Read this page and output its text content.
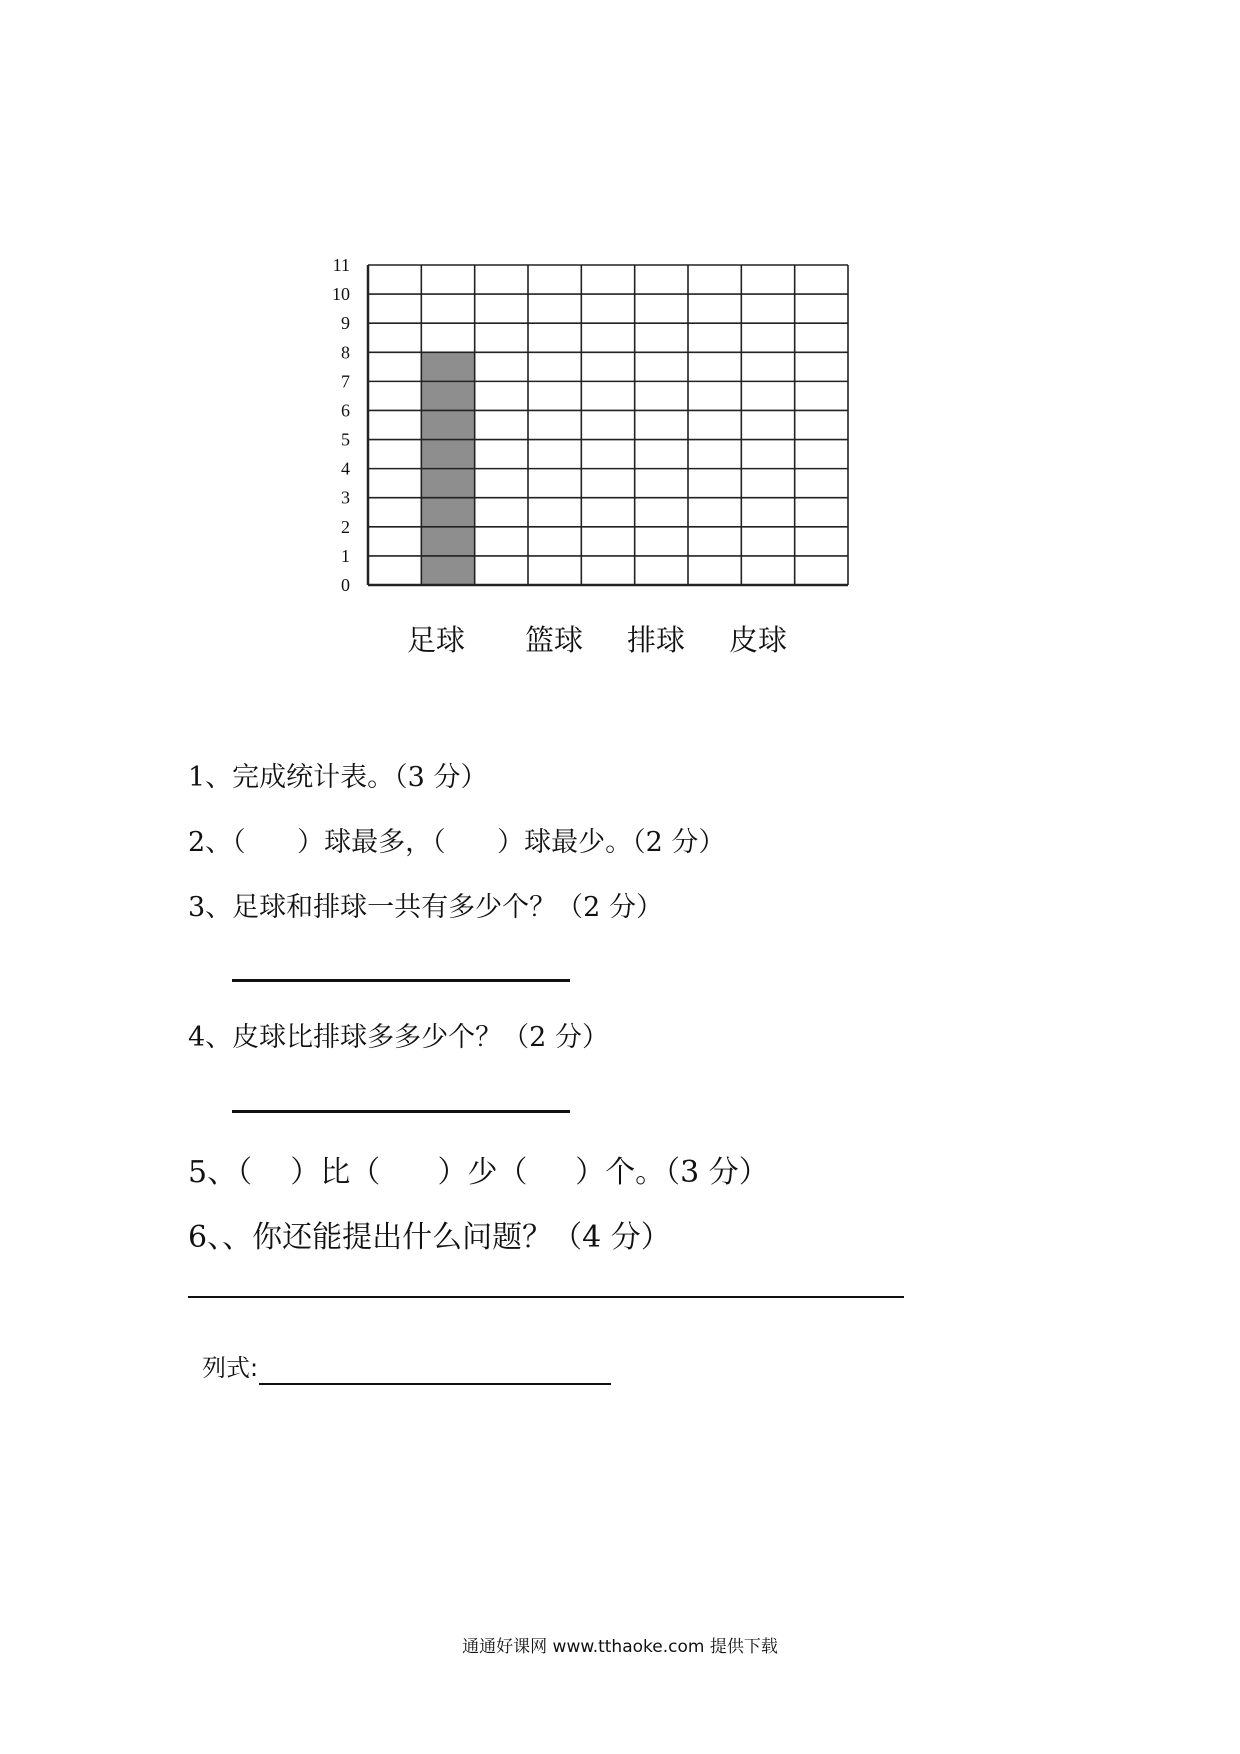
0
1
2
3
4
5
6
7
8
9
10
11
足球 篮球 排球 皮球
1、完成统计表。（3 分）
2、（      ）球最多，（      ）球最少。（2 分）
3、足球和排球一共有多少个？（2 分）
4、皮球比排球多多少个？（2 分）
5、（    ）比（      ）少（     ）个。（3 分）
6、、你还能提出什么问题？（4 分）
列式:
通通好课网 www.tthaoke.com 提供下载
